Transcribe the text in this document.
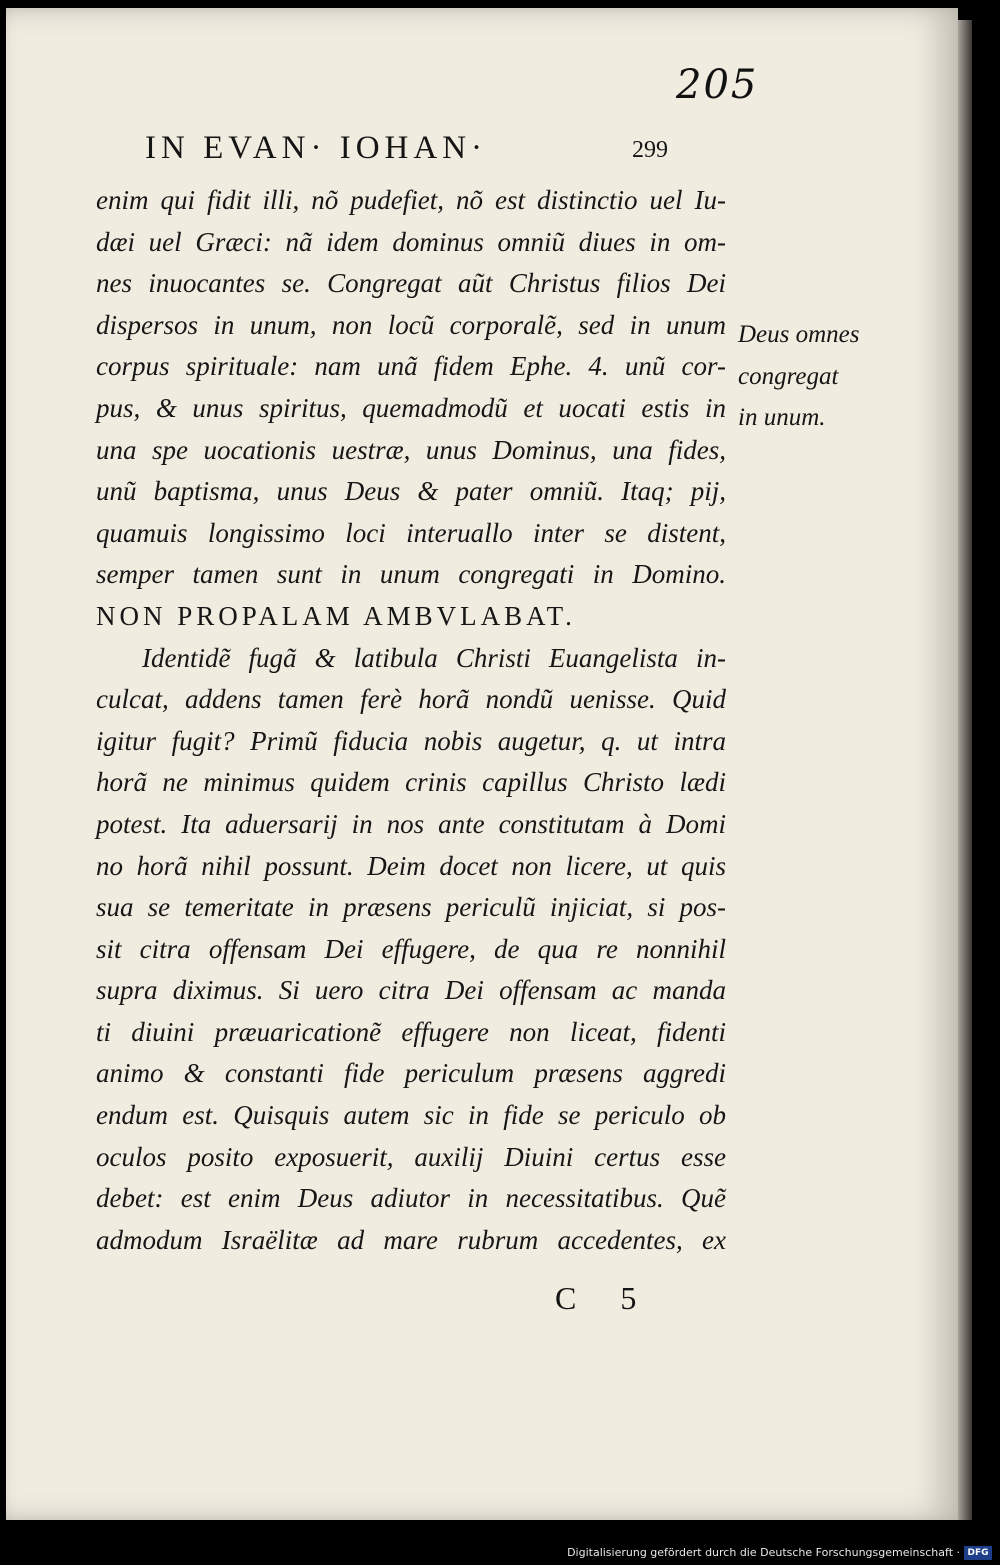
205
IN EVAN· IOHAN·	299
enim qui fidit illi, nõ pudefiet, nõ est distinctio uel Iu-
dæi uel Græci: nã idem dominus omniũ diues in om-
nes inuocantes se. Congregat aũt Christus filios Dei
dispersos in unum, non locũ corporalẽ, sed in unum
corpus spirituale: nam unã fidem Ephe. 4. unũ cor-
pus, & unus spiritus, quemadmodũ et uocati estis in
una spe uocationis uestræ, unus Dominus, una fides,
unũ baptisma, unus Deus & pater omniũ. Itaq; pij,
quamuis longissimo loci interuallo inter se distent,
semper tamen sunt in unum congregati in Domino.
NON PROPALAM AMBVLABAT.
Identidẽ fugã & latibula Christi Euangelista in-
culcat, addens tamen ferè horã nondũ uenisse. Quid
igitur fugit? Primũ fiducia nobis augetur, q. ut intra
horã ne minimus quidem crinis capillus Christo lædi
potest. Ita aduersarij in nos ante constitutam à Domi
no horã nihil possunt. Deim docet non licere, ut quis
sua se temeritate in præsens periculũ injiciat, si pos-
sit citra offensam Dei effugere, de qua re nonnihil
supra diximus. Si uero citra Dei offensam ac manda
ti diuini præuaricationẽ effugere non liceat, fidenti
animo & constanti fide periculum præsens aggredi
endum est. Quisquis autem sic in fide se periculo ob
oculos posito exposuerit, auxilij Diuini certus esse
debet: est enim Deus adiutor in necessitatibus. Quẽ
admodum Israëlitæ ad mare rubrum accedentes, ex
Deus omnes
congregat
in unum.
C 5
Digitalisierung gefördert durch die Deutsche Forschungsgemeinschaft · DFG
